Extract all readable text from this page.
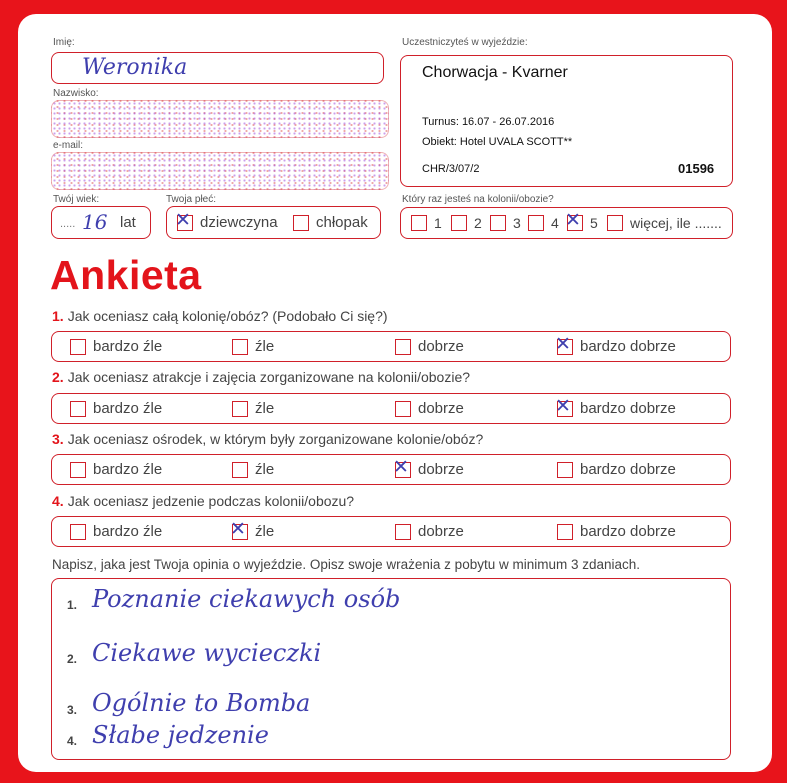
Imię:
Weronika
Nazwisko:
e-mail:
Twój wiek:
..... 16 lat
Twoja płeć:
✕ dziewczyna	chłopak
Uczestniczyteś w wyjeździe:
Chorwacja - Kvarner
Turnus: 16.07 - 26.07.2016
Obiekt: Hotel UVALA SCOTT**
CHR/3/07/2	01596
Który raz jesteś na kolonii/obozie?
1 2 3 4 ✕ 5 więcej, ile .......
Ankieta
1. Jak oceniasz całą kolonię/obóz? (Podobało Ci się?)
bardzo źle	źle	dobrze	✕ bardzo dobrze
2. Jak oceniasz atrakcje i zajęcia zorganizowane na kolonii/obozie?
bardzo źle	źle	dobrze	✕ bardzo dobrze
3. Jak oceniasz ośrodek, w którym były zorganizowane kolonie/obóz?
bardzo źle	źle	✕ dobrze	bardzo dobrze
4. Jak oceniasz jedzenie podczas kolonii/obozu?
bardzo źle	✕ źle	dobrze	bardzo dobrze
Napisz, jaka jest Twoja opinia o wyjeździe. Opisz swoje wrażenia z pobytu w minimum 3 zdaniach.
1. Poznanie ciekawych osób
2. Ciekawe wycieczki
3. Ogólnie to Bomba
4. Słabe jedzenie
